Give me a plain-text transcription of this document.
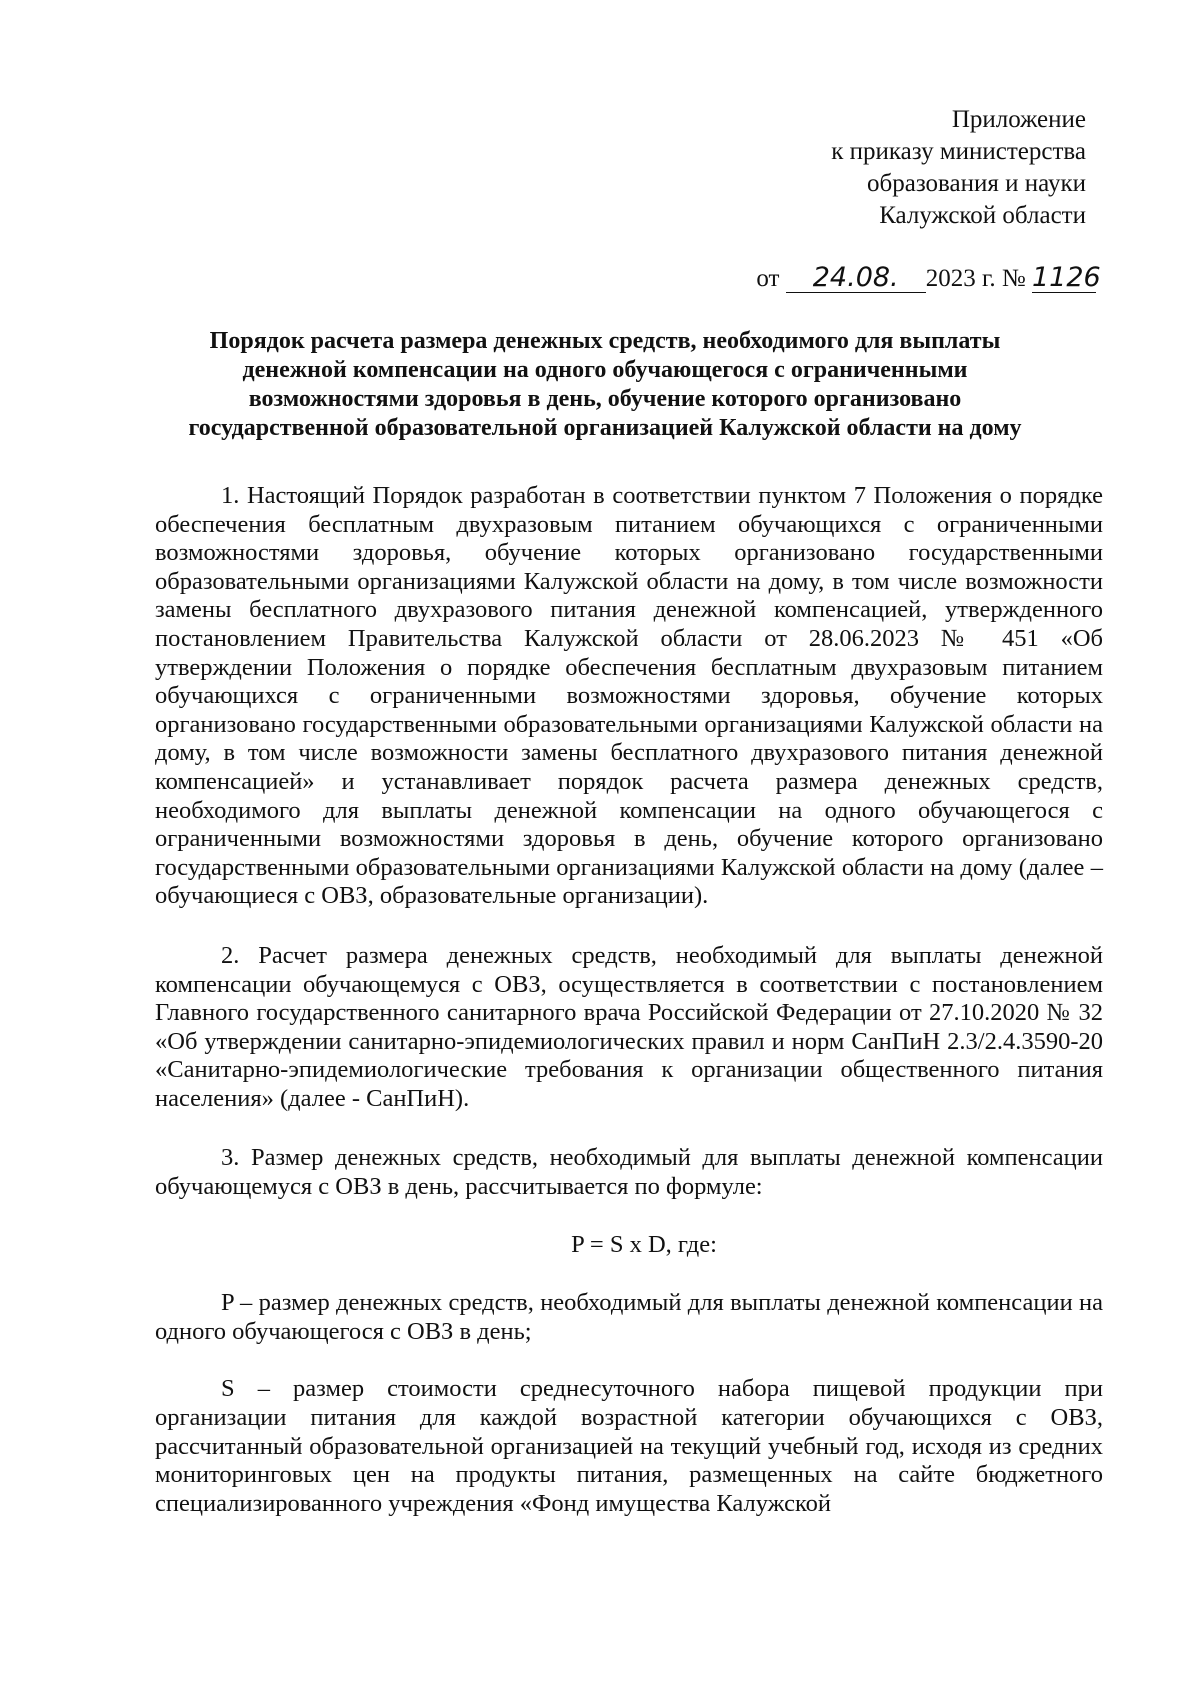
Приложение
к приказу министерства
образования и науки
Калужской области
от 24.08. 2023 г. № 1126
Порядок расчета размера денежных средств, необходимого для выплаты
денежной компенсации на одного обучающегося с ограниченными
возможностями здоровья в день, обучение которого организовано
государственной образовательной организацией Калужской области на дому

1. Настоящий Порядок разработан в соответствии пунктом 7 Положения о порядке обеспечения бесплатным двухразовым питанием обучающихся с ограниченными возможностями здоровья, обучение которых организовано государственными образовательными организациями Калужской области на дому, в том числе возможности замены бесплатного двухразового питания денежной компенсацией, утвержденного постановлением Правительства Калужской области от 28.06.2023 № 451 «Об утверждении Положения о порядке обеспечения бесплатным двухразовым питанием обучающихся с ограниченными возможностями здоровья, обучение которых организовано государственными образовательными организациями Калужской области на дому, в том числе возможности замены бесплатного двухразового питания денежной компенсацией» и устанавливает порядок расчета размера денежных средств, необходимого для выплаты денежной компенсации на одного обучающегося с ограниченными возможностями здоровья в день, обучение которого организовано государственными образовательными организациями Калужской области на дому (далее – обучающиеся с ОВЗ, образовательные организации).

2. Расчет размера денежных средств, необходимый для выплаты денежной компенсации обучающемуся с ОВЗ, осуществляется в соответствии с постановлением Главного государственного санитарного врача Российской Федерации от 27.10.2020 № 32 «Об утверждении санитарно-эпидемиологических правил и норм СанПиН 2.3/2.4.3590-20 «Санитарно-эпидемиологические требования к организации общественного питания населения» (далее - СанПиН).

3. Размер денежных средств, необходимый для выплаты денежной компенсации обучающемуся с ОВЗ в день, рассчитывается по формуле:

P = S x D, где:

P – размер денежных средств, необходимый для выплаты денежной компенсации на одного обучающегося с ОВЗ в день;

S – размер стоимости среднесуточного набора пищевой продукции при организации питания для каждой возрастной категории обучающихся с ОВЗ, рассчитанный образовательной организацией на текущий учебный год, исходя из средних мониторинговых цен на продукты питания, размещенных на сайте бюджетного специализированного учреждения «Фонд имущества Калужской
